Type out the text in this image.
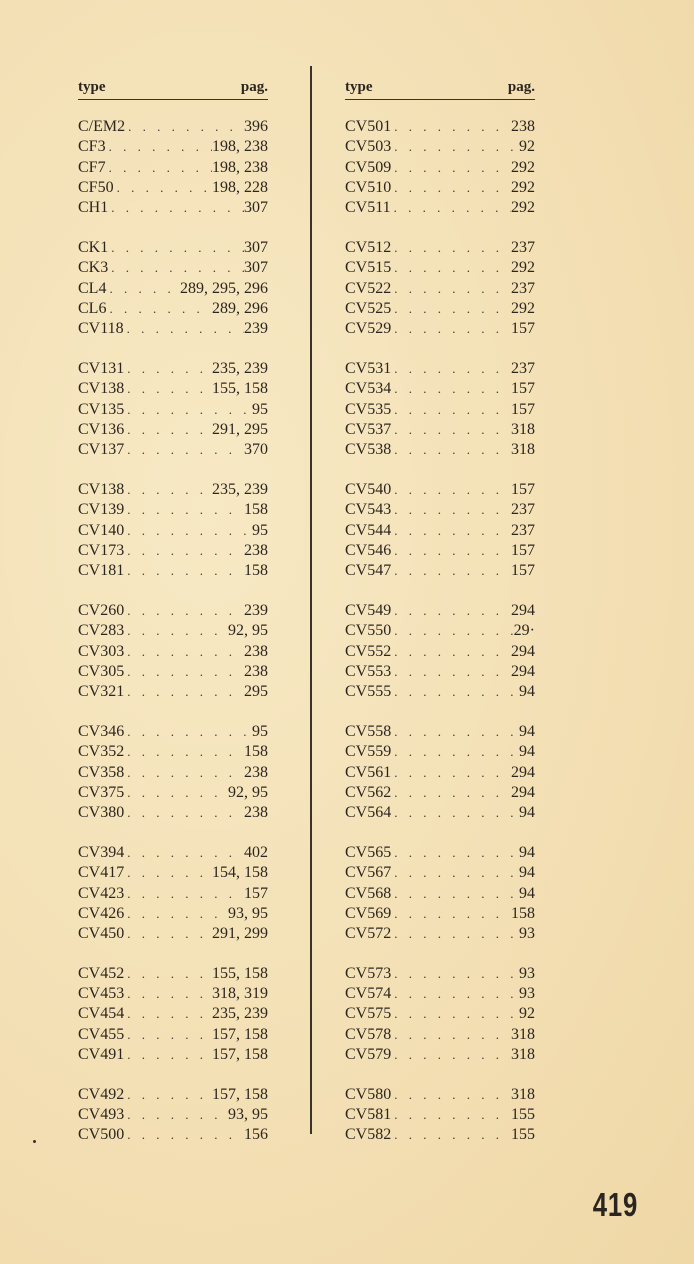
type	pag.
C/EM2 . . .	396
CF3 . . .	198, 238
CF7 . . .	198, 238
CF50 . . .	198, 228
CH1 . . .	307
CK1 . . .	307
CK3 . . .	307
CL4 . . .	289, 295, 296
CL6 . . .	289, 296
CV118 . . .	239
CV131 . . .	235, 239
CV138 . . .	155, 158
CV135 . . .	95
CV136 . . .	291, 295
CV137 . . .	370
CV138 . . .	235, 239
CV139 . . .	158
CV140 . . .	95
CV173 . . .	238
CV181 . . .	158
CV260 . . .	239
CV283 . . .	92, 95
CV303 . . .	238
CV305 . . .	238
CV321 . . .	295
CV346 . . .	95
CV352 . . .	158
CV358 . . .	238
CV375 . . .	92, 95
CV380 . . .	238
CV394 . . .	402
CV417 . . .	154, 158
CV423 . . .	157
CV426 . . .	93, 95
CV450 . . .	291, 299
CV452 . . .	155, 158
CV453 . . .	318, 319
CV454 . . .	235, 239
CV455 . . .	157, 158
CV491 . . .	157, 158
CV492 . . .	157, 158
CV493 . . .	93, 95
CV500 . . .	156
type	pag.
CV501 . . .	238
CV503 . . .	92
CV509 . . .	292
CV510 . . .	292
CV511 . . .	292
CV512 . . .	237
CV515 . . .	292
CV522 . . .	237
CV525 . . .	292
CV529 . . .	157
CV531 . . .	237
CV534 . . .	157
CV535 . . .	157
CV537 . . .	318
CV538 . . .	318
CV540 . . .	157
CV543 . . .	237
CV544 . . .	237
CV546 . . .	157
CV547 . . .	157
CV549 . . .	294
CV550 . . .	29·
CV552 . . .	294
CV553 . . .	294
CV555 . . .	94
CV558 . . .	94
CV559 . . .	94
CV561 . . .	294
CV562 . . .	294
CV564 . . .	94
CV565 . . .	94
CV567 . . .	94
CV568 . . .	94
CV569 . . .	158
CV572 . . .	93
CV573 . . .	93
CV574 . . .	93
CV575 . . .	92
CV578 . . .	318
CV579 . . .	318
CV580 . . .	318
CV581 . . .	155
CV582 . . .	155
419
